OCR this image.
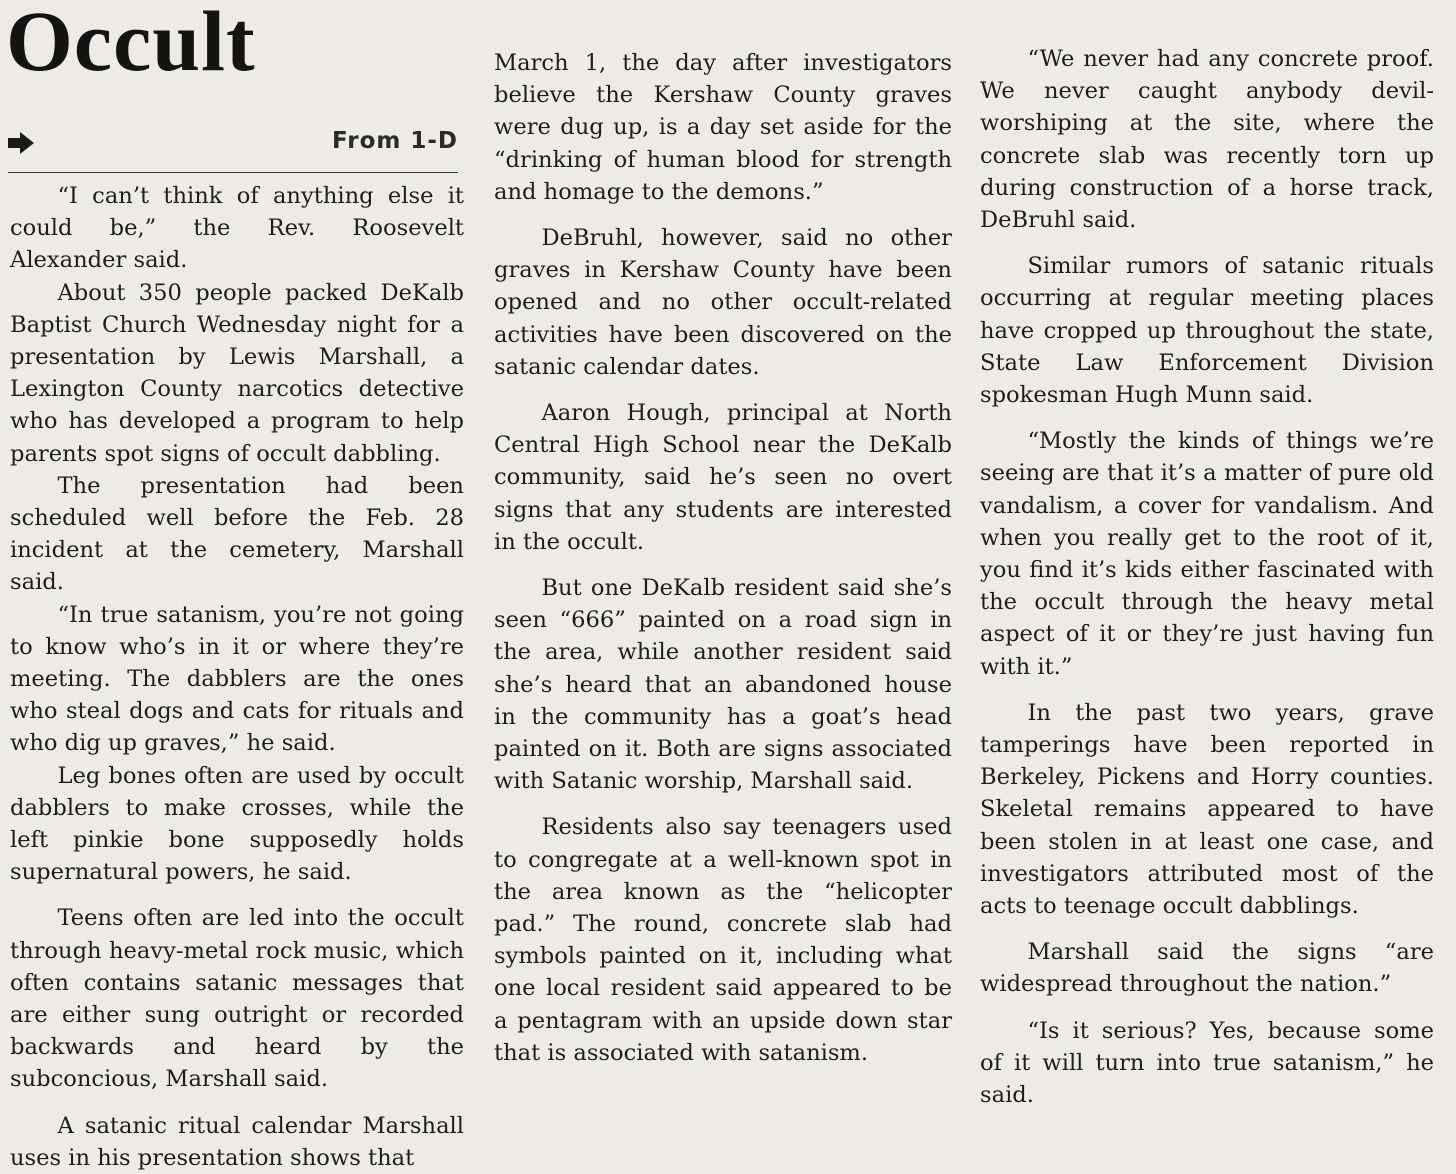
Occult
From 1-D

“I can’t think of anything else it could be,” the Rev. Roosevelt Alexander said.

About 350 people packed DeKalb Baptist Church Wednesday night for a presentation by Lewis Marshall, a Lexington County narcotics detective who has developed a program to help parents spot signs of occult dabbling.

The presentation had been scheduled well before the Feb. 28 incident at the cemetery, Marshall said.

“In true satanism, you’re not going to know who’s in it or where they’re meeting. The dabblers are the ones who steal dogs and cats for rituals and who dig up graves,” he said.

Leg bones often are used by occult dabblers to make crosses, while the left pinkie bone supposedly holds supernatural powers, he said.

Teens often are led into the occult through heavy-metal rock music, which often contains satanic messages that are either sung outright or recorded backwards and heard by the subconcious, Marshall said.

A satanic ritual calendar Marshall uses in his presentation shows that

March 1, the day after investigators believe the Kershaw County graves were dug up, is a day set aside for the “drinking of human blood for strength and homage to the demons.”

DeBruhl, however, said no other graves in Kershaw County have been opened and no other occult-related activities have been discovered on the satanic calendar dates.

Aaron Hough, principal at North Central High School near the DeKalb community, said he’s seen no overt signs that any students are interested in the occult.

But one DeKalb resident said she’s seen “666” painted on a road sign in the area, while another resident said she’s heard that an abandoned house in the community has a goat’s head painted on it. Both are signs associated with Satanic worship, Marshall said.

Residents also say teenagers used to congregate at a well-known spot in the area known as the “helicopter pad.” The round, concrete slab had symbols painted on it, including what one local resident said appeared to be a pentagram with an upside down star that is associated with satanism.

“We never had any concrete proof. We never caught anybody devil-worshiping at the site, where the concrete slab was recently torn up during construction of a horse track, DeBruhl said.

Similar rumors of satanic rituals occurring at regular meeting places have cropped up throughout the state, State Law Enforcement Division spokesman Hugh Munn said.

“Mostly the kinds of things we’re seeing are that it’s a matter of pure old vandalism, a cover for vandalism. And when you really get to the root of it, you find it’s kids either fascinated with the occult through the heavy metal aspect of it or they’re just having fun with it.”

In the past two years, grave tamperings have been reported in Berkeley, Pickens and Horry counties. Skeletal remains appeared to have been stolen in at least one case, and investigators attributed most of the acts to teenage occult dabblings.

Marshall said the signs “are widespread throughout the nation.”

“Is it serious? Yes, because some of it will turn into true satanism,” he said.
